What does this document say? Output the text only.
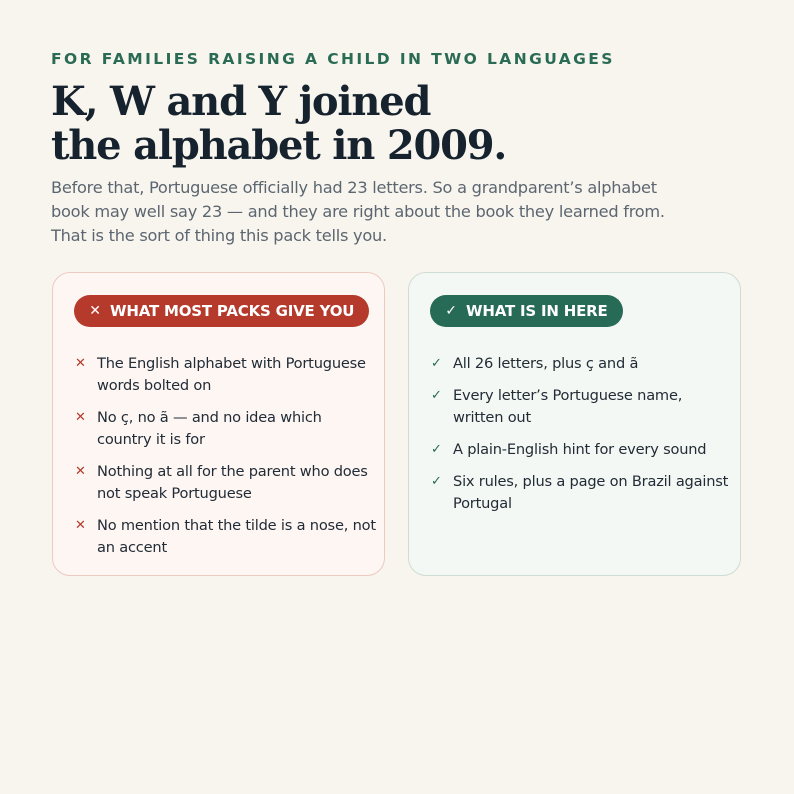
FOR FAMILIES RAISING A CHILD IN TWO LANGUAGES
K, W and Y joined
the alphabet in 2009.
Before that, Portuguese officially had 23 letters. So a grandparent’s alphabet
book may well say 23 — and they are right about the book they learned from.
That is the sort of thing this pack tells you.
✕ WHAT MOST PACKS GIVE YOU
✕ The English alphabet with Portuguese
words bolted on
✕ No ç, no ã — and no idea which
country it is for
✕ Nothing at all for the parent who does
not speak Portuguese
✕ No mention that the tilde is a nose, not
an accent
✓ WHAT IS IN HERE
✓ All 26 letters, plus ç and ã
✓ Every letter’s Portuguese name,
written out
✓ A plain-English hint for every sound
✓ Six rules, plus a page on Brazil against
Portugal
